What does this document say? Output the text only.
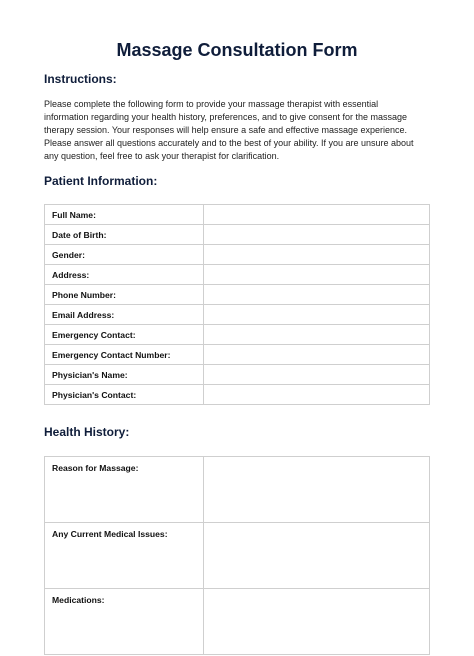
Massage Consultation Form
Instructions:

Please complete the following form to provide your massage therapist with essential
information regarding your health history, preferences, and to give consent for the massage
therapy session. Your responses will help ensure a safe and effective massage experience.
Please answer all questions accurately and to the best of your ability. If you are unsure about
any question, feel free to ask your therapist for clarification.

Patient Information:
Full Name:	
Date of Birth:	
Gender:	
Address:	
Phone Number:	
Email Address:	
Emergency Contact:	
Emergency Contact Number:	
Physician's Name:	
Physician's Contact:	
Health History:
Reason for Massage:	
Any Current Medical Issues:	
Medications:	
